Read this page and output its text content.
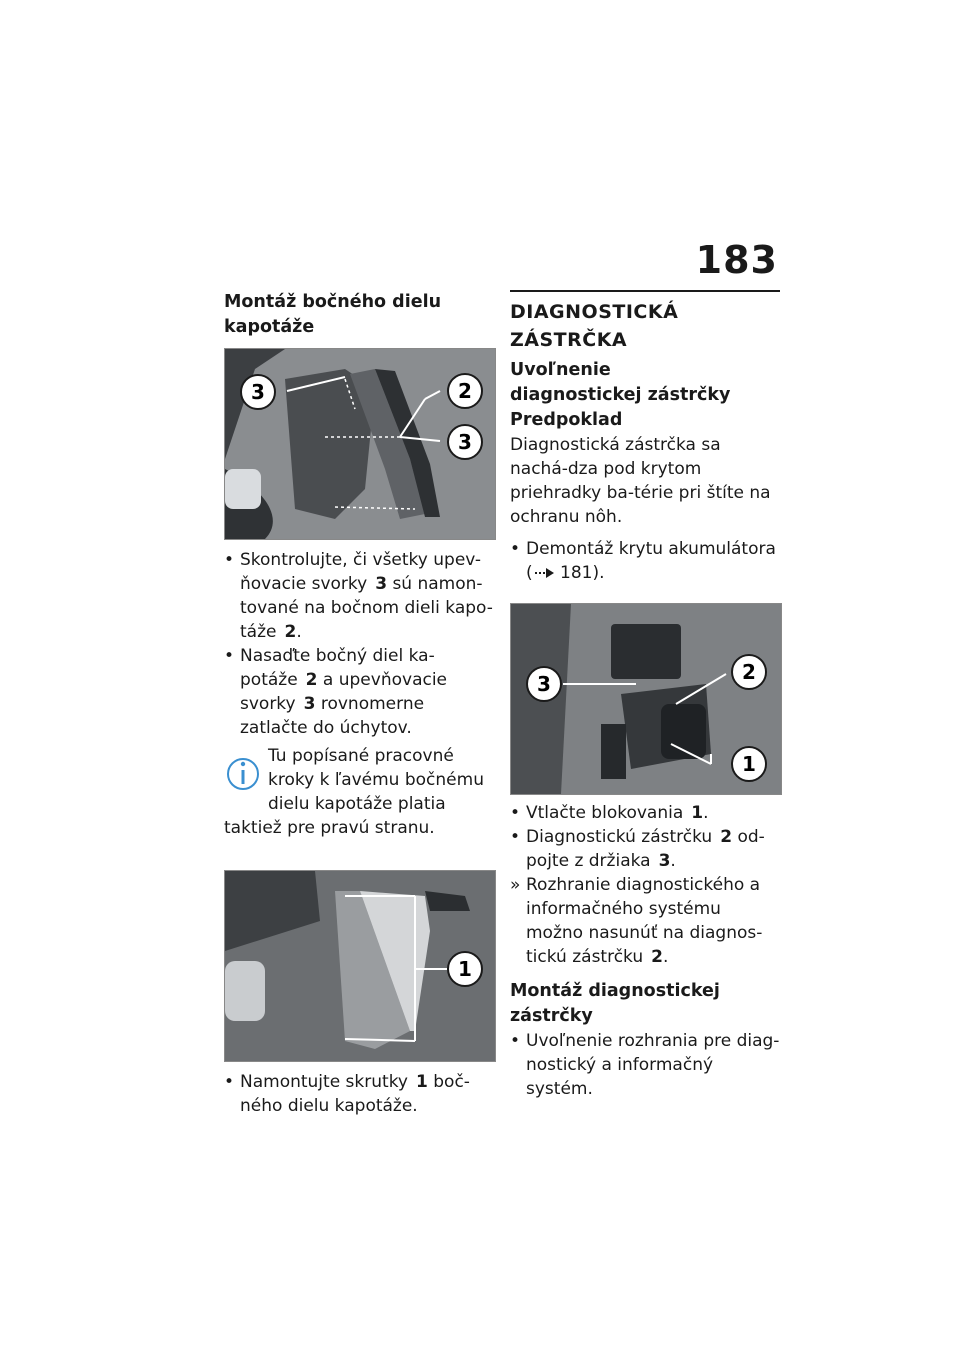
183
Montáž bočného dielu kapotáže
3	2
3
• Skontrolujte, či všetky upev-ňovacie svorky 3 sú namon-tované na bočnom dieli kapo-táže 2.
• Nasaďte bočný diel ka-potáže 2 a upevňovacie svorky 3 rovnomerne zatlačte do úchytov.
Tu popísané pracovné kroky k ľavému bočnému dielu kapotáže platia taktiež pre pravú stranu.
1
• Namontujte skrutky 1 boč-ného dielu kapotáže.
DIAGNOSTICKÁ ZÁSTRČKA
Uvoľnenie diagnostickej zástrčky
Predpoklad

Diagnostická zástrčka sa nachá-dza pod krytom priehradky ba-térie pri štíte na ochranu nôh.

• Demontáž krytu akumulátora
( 181).
3	2
1
• Vtlačte blokovania 1.
• Diagnostickú zástrčku 2 od-pojte z držiaka 3.
» Rozhranie diagnostického a informačného systému možno nasunúť na diagnos-tickú zástrčku 2.
Montáž diagnostickej zástrčky
• Uvoľnenie rozhrania pre diag-nostický a informačný systém.
